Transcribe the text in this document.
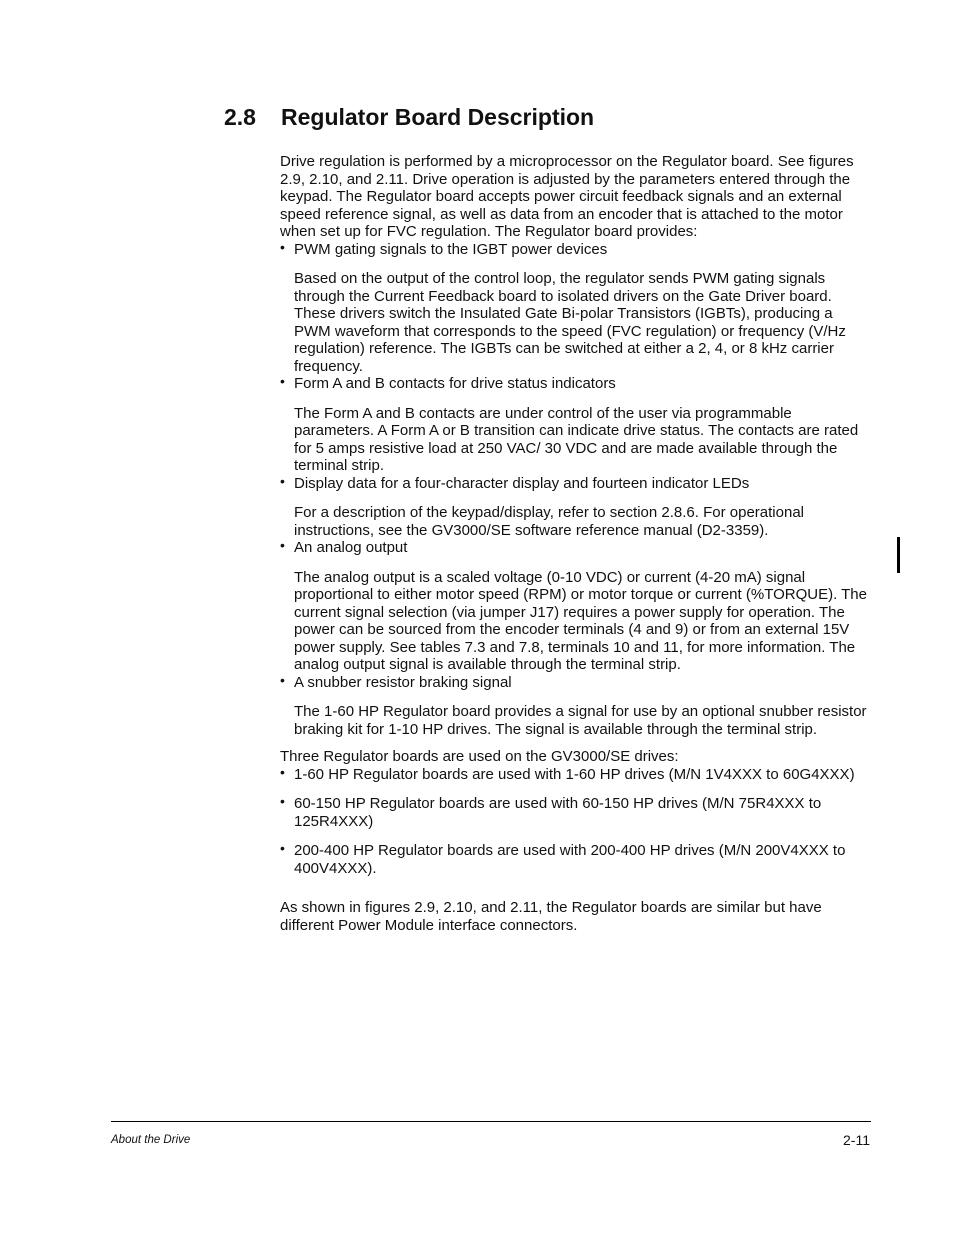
2.8 Regulator Board Description

Drive regulation is performed by a microprocessor on the Regulator board. See figures 2.9, 2.10, and 2.11. Drive operation is adjusted by the parameters entered through the keypad. The Regulator board accepts power circuit feedback signals and an external speed reference signal, as well as data from an encoder that is attached to the motor when set up for FVC regulation. The Regulator board provides:

• PWM gating signals to the IGBT power devices

Based on the output of the control loop, the regulator sends PWM gating signals through the Current Feedback board to isolated drivers on the Gate Driver board. These drivers switch the Insulated Gate Bi-polar Transistors (IGBTs), producing a PWM waveform that corresponds to the speed (FVC regulation) or frequency (V/Hz regulation) reference. The IGBTs can be switched at either a 2, 4, or 8 kHz carrier frequency.

• Form A and B contacts for drive status indicators

The Form A and B contacts are under control of the user via programmable parameters. A Form A or B transition can indicate drive status. The contacts are rated for 5 amps resistive load at 250 VAC/ 30 VDC and are made available through the terminal strip.

• Display data for a four-character display and fourteen indicator LEDs

For a description of the keypad/display, refer to section 2.8.6. For operational instructions, see the GV3000/SE software reference manual (D2-3359).

• An analog output

The analog output is a scaled voltage (0-10 VDC) or current (4-20 mA) signal proportional to either motor speed (RPM) or motor torque or current (%TORQUE). The current signal selection (via jumper J17) requires a power supply for operation. The power can be sourced from the encoder terminals (4 and 9) or from an external 15V power supply. See tables 7.3 and 7.8, terminals 10 and 11, for more information. The analog output signal is available through the terminal strip.

• A snubber resistor braking signal

The 1-60 HP Regulator board provides a signal for use by an optional snubber resistor braking kit for 1-10 HP drives. The signal is available through the terminal strip.

Three Regulator boards are used on the GV3000/SE drives:

• 1-60 HP Regulator boards are used with 1-60 HP drives (M/N 1V4XXX to 60G4XXX)
• 60-150 HP Regulator boards are used with 60-150 HP drives (M/N 75R4XXX to 125R4XXX)
• 200-400 HP Regulator boards are used with 200-400 HP drives (M/N 200V4XXX to 400V4XXX).

As shown in figures 2.9, 2.10, and 2.11, the Regulator boards are similar but have different Power Module interface connectors.

About the Drive	2-11
